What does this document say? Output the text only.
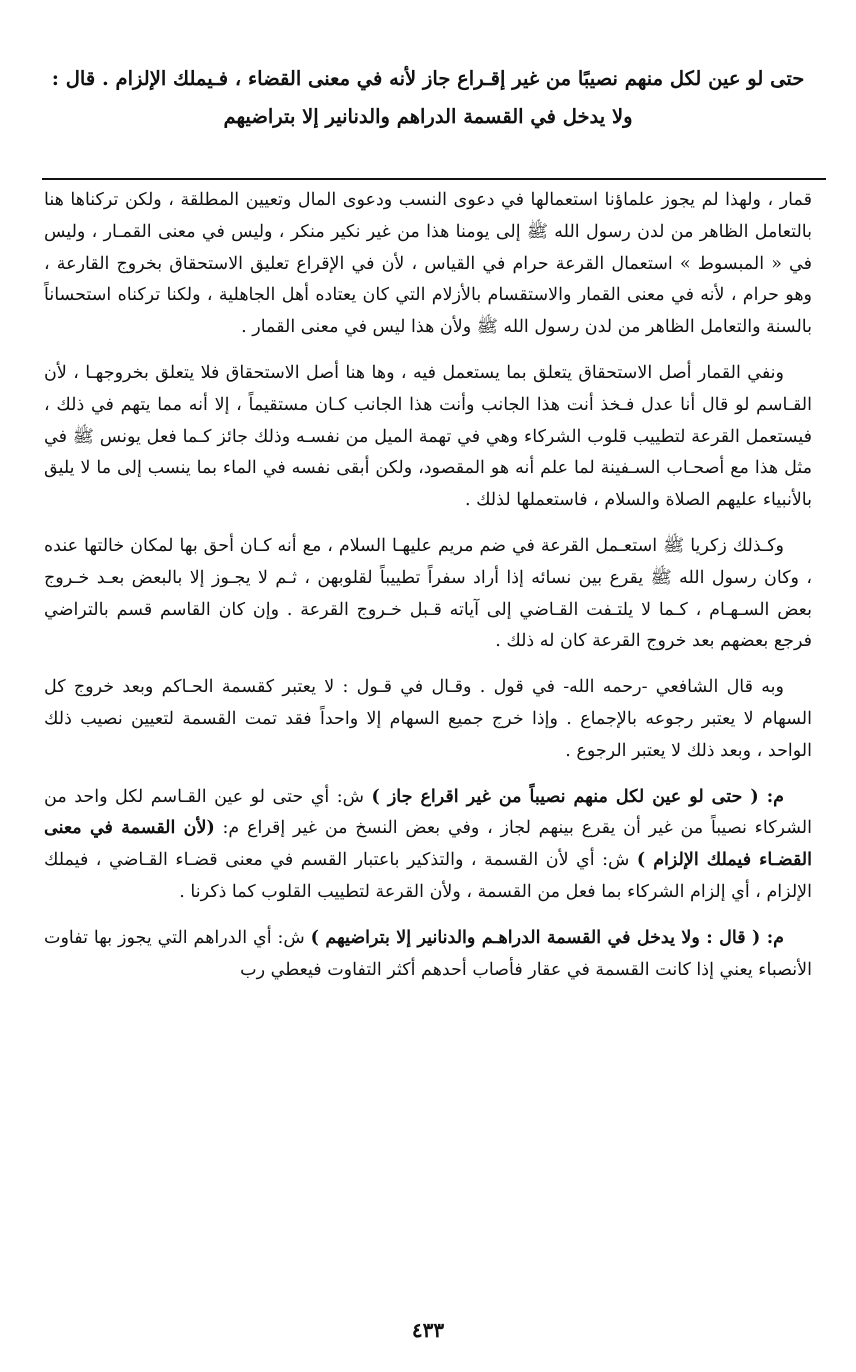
حتى لو عين لكل منهم نصيبًا من غير إقـراع جاز لأنه في معنى القضاء ، فـيملك الإلزام . قال :
ولا يدخل في القسمة الدراهم والدنانير إلا بتراضيهم

قمار ، ولهذا لم يجوز علماؤنا استعمالها في دعوى النسب ودعوى المال وتعيين المطلقة ، ولكن تركناها هنا بالتعامل الظاهر من لدن رسول الله ﷺ إلى يومنا هذا من غير نكير منكر ، وليس في معنى القمـار ، وليس في « المبسوط » استعمال القرعة حرام في القياس ، لأن في الإقراع تعليق الاستحقاق بخروج القارعة ، وهو حرام ، لأنه في معنى القمار والاستقسام بالأزلام التي كان يعتاده أهل الجاهلية ، ولكنا تركناه استحساناً بالسنة والتعامل الظاهر من لدن رسول الله ﷺ ولأن هذا ليس في معنى القمار .

ونفي القمار أصل الاستحقاق يتعلق بما يستعمل فيه ، وها هنا أصل الاستحقاق فلا يتعلق بخروجهـا ، لأن القـاسم لو قال أنا عدل فـخذ أنت هذا الجانب وأنت هذا الجانب كـان مستقيماً ، إلا أنه مما يتهم في ذلك ، فيستعمل القرعة لتطييب قلوب الشركاء وهي في تهمة الميل من نفسـه وذلك جائز كـما فعل يونس ﷺ في مثل هذا مع أصحـاب السـفينة لما علم أنه هو المقصود، ولكن أبقى نفسه في الماء بما ينسب إلى ما لا يليق بالأنبياء عليهم الصلاة والسلام ، فاستعملها لذلك .

وكـذلك زكريا ﷺ استعـمل القرعة في ضم مريم عليهـا السلام ، مع أنه كـان أحق بها لمكان خالتها عنده ، وكان رسول الله ﷺ يقرع بين نسائه إذا أراد سفراً تطييباً لقلوبهن ، ثـم لا يجـوز إلا بالبعض بعـد خـروج بعض السـهـام ، كـما لا يلتـفت القـاضي إلى آياته قـبل خـروج القرعة . وإن كان القاسم قسم بالتراضي فرجع بعضهم بعد خروج القرعة كان له ذلك .

وبه قال الشافعي -رحمه الله- في قول . وقـال في قـول : لا يعتبر كقسمة الحـاكم وبعد خروج كل السهام لا يعتبر رجوعه بالإجماع . وإذا خرج جميع السهام إلا واحداً فقد تمت القسمة لتعيين نصيب ذلك الواحد ، وبعد ذلك لا يعتبر الرجوع .

م: ( حتى لو عين لكل منهم نصيباً من غير اقراع جاز ) ش: أي حتى لو عين القـاسم لكل واحد من الشركاء نصيباً من غير أن يقرع بينهم لجاز ، وفي بعض النسخ من غير إقراع م: (لأن القسمة في معنى القضـاء فيملك الإلزام ) ش: أي لأن القسمة ، والتذكير باعتبار القسم في معنى قضـاء القـاضي ، فيملك الإلزام ، أي إلزام الشركاء بما فعل من القسمة ، ولأن القرعة لتطييب القلوب كما ذكرنا .

م: ( قال : ولا يدخل في القسمة الدراهـم والدنانير إلا بتراضيهم ) ش: أي الدراهم التي يجوز بها تفاوت الأنصباء يعني إذا كانت القسمة في عقار فأصاب أحدهم أكثر التفاوت فيعطي رب

٤٣٣
